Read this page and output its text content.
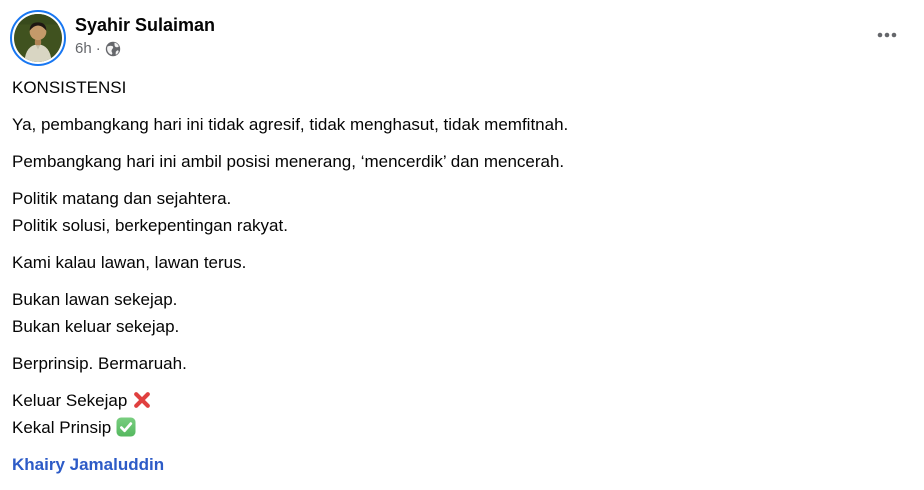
Syahir Sulaiman
6h ·

KONSISTENSI

Ya, pembangkang hari ini tidak agresif, tidak menghasut, tidak memfitnah.

Pembangkang hari ini ambil posisi menerang, ‘mencerdik’ dan mencerah.

Politik matang dan sejahtera.
Politik solusi, berkepentingan rakyat.

Kami kalau lawan, lawan terus.

Bukan lawan sekejap.
Bukan keluar sekejap.

Berprinsip. Bermaruah.

Keluar Sekejap
Kekal Prinsip

Khairy Jamaluddin
